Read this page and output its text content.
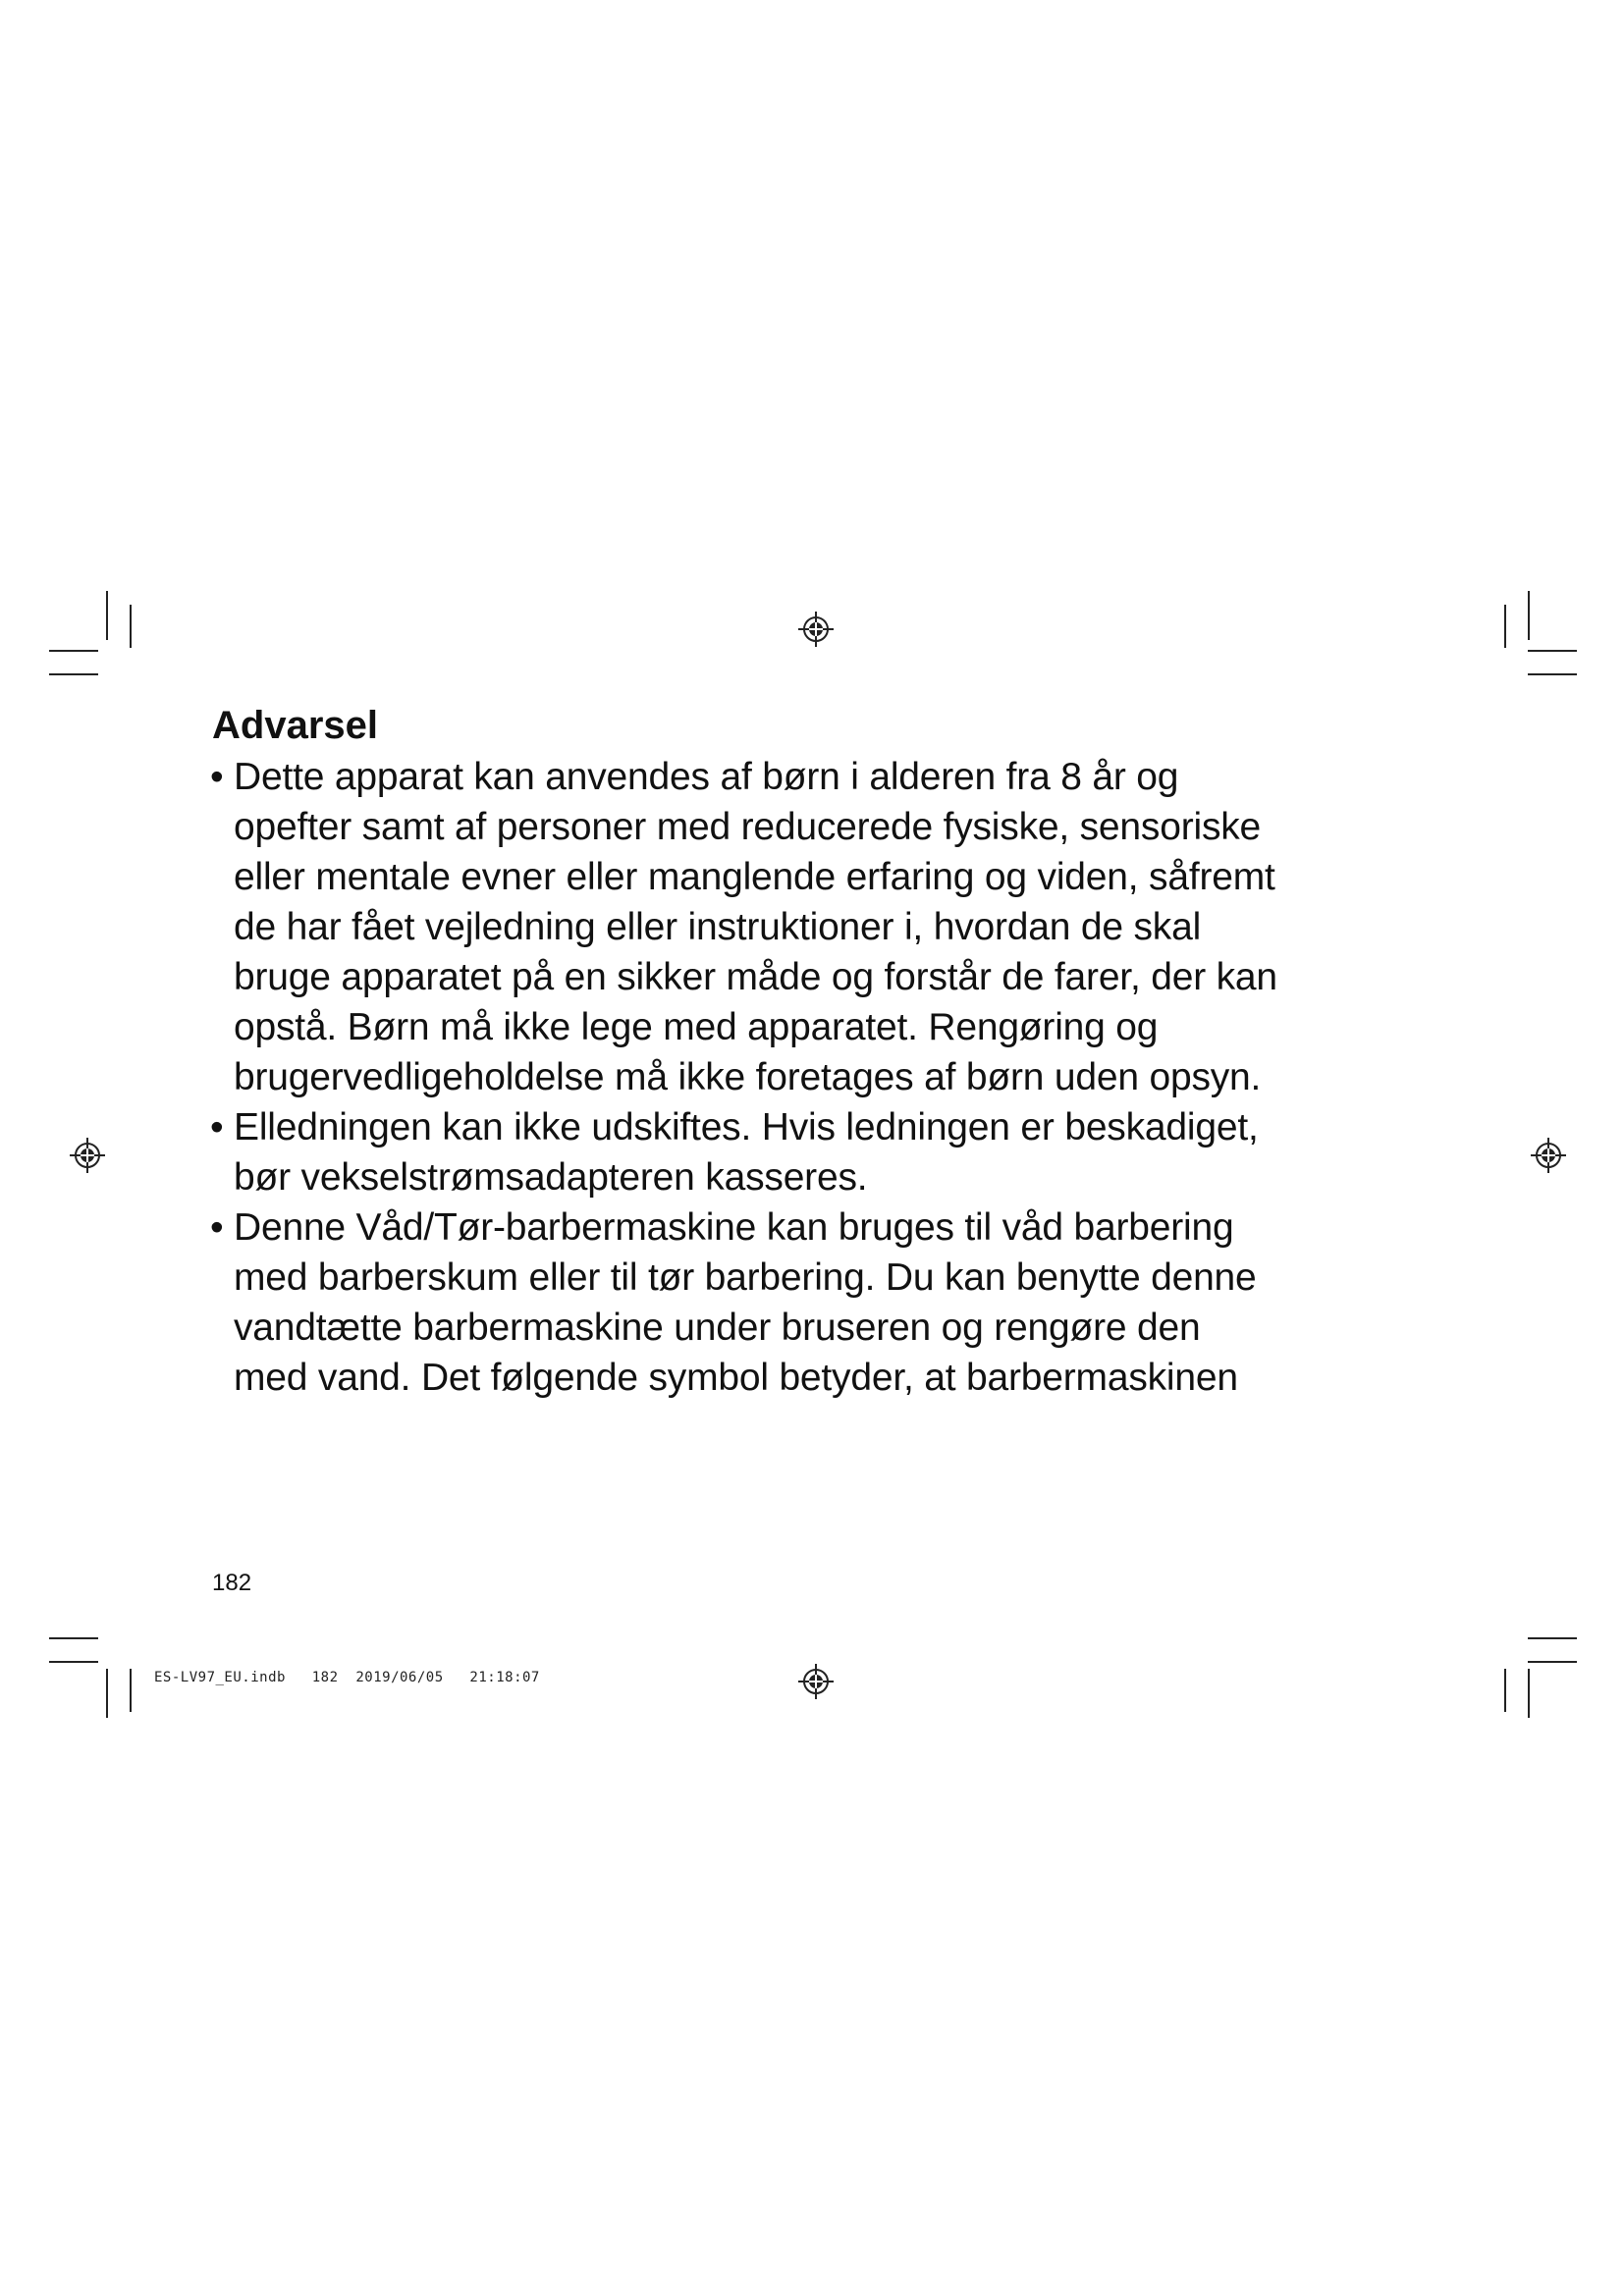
Advarsel
• Dette apparat kan anvendes af børn i alderen fra 8 år og
opefter samt af personer med reducerede fysiske, sensoriske
eller mentale evner eller manglende erfaring og viden, såfremt
de har fået vejledning eller instruktioner i, hvordan de skal
bruge apparatet på en sikker måde og forstår de farer, der kan
opstå. Børn må ikke lege med apparatet. Rengøring og
brugervedligeholdelse må ikke foretages af børn uden opsyn.
• Elledningen kan ikke udskiftes. Hvis ledningen er beskadiget,
bør vekselstrømsadapteren kasseres.
• Denne Våd/Tør-barbermaskine kan bruges til våd barbering
med barberskum eller til tør barbering. Du kan benytte denne
vandtætte barbermaskine under bruseren og rengøre den
med vand. Det følgende symbol betyder, at barbermaskinen
182
ES-LV97_EU.indb   182  2019/06/05   21:18:07
